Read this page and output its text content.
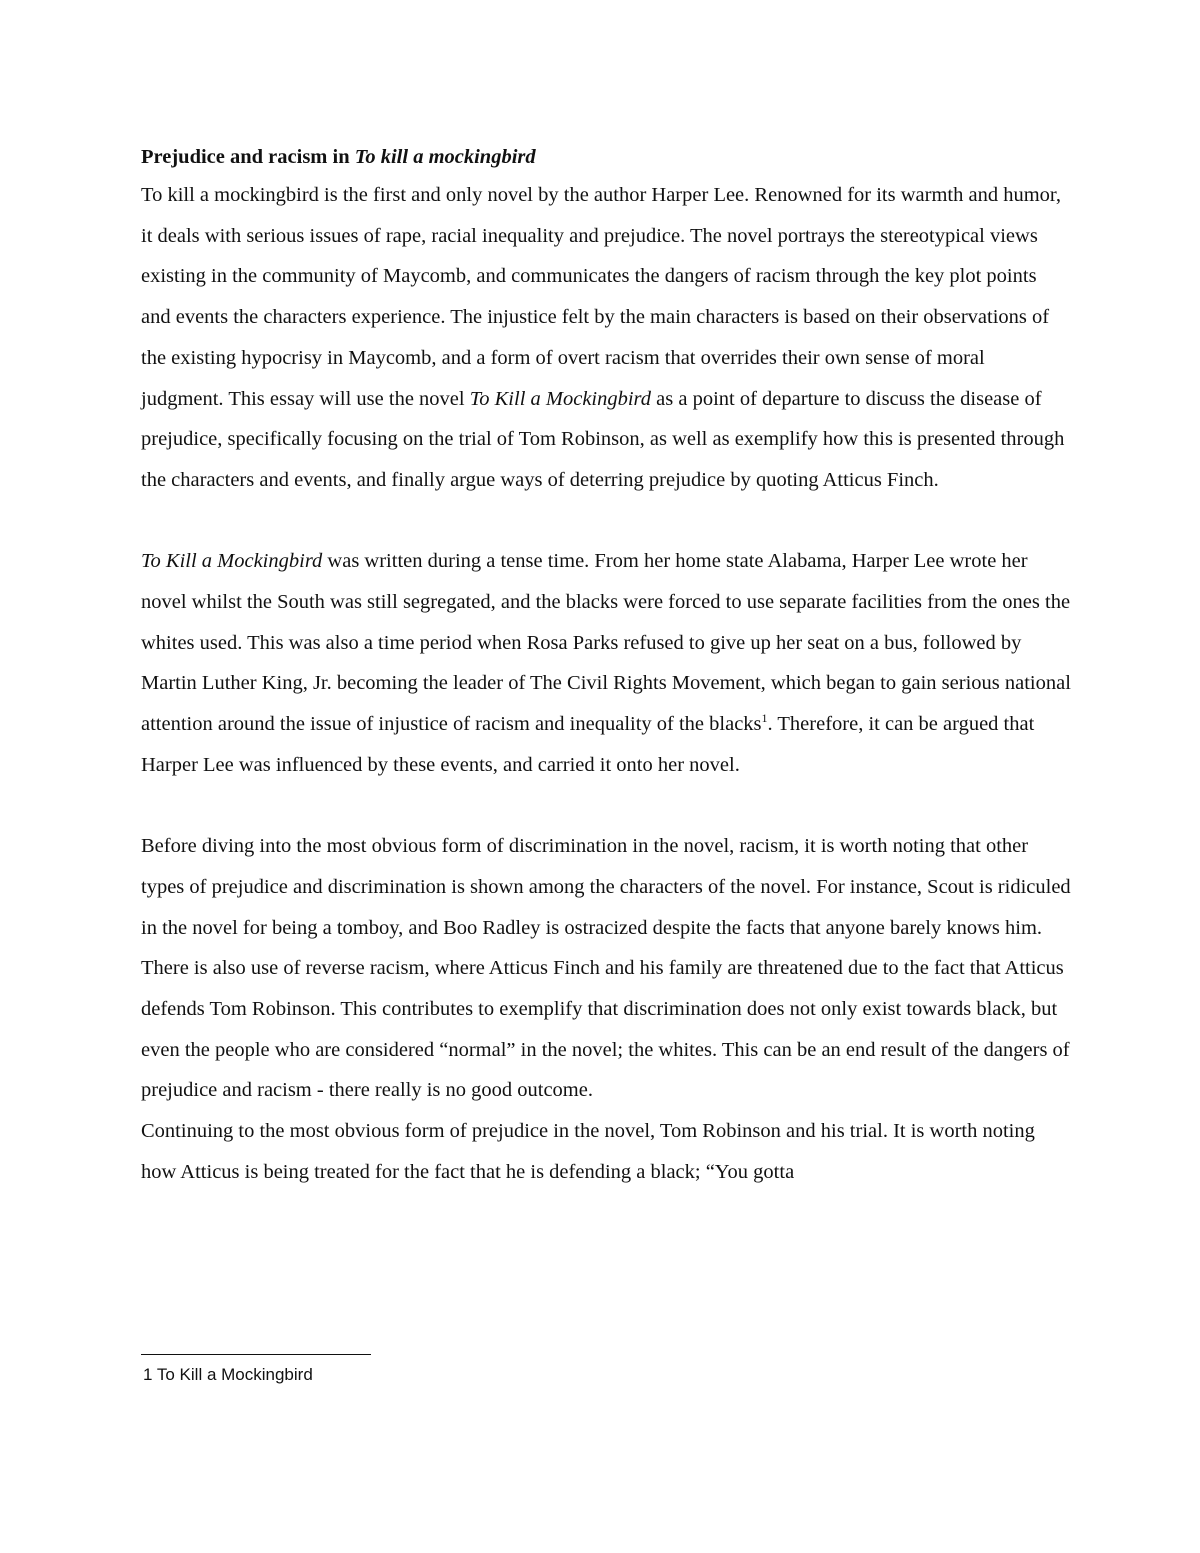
Prejudice and racism in To kill a mockingbird

To kill a mockingbird is the first and only novel by the author Harper Lee. Renowned for its warmth and humor, it deals with serious issues of rape, racial inequality and prejudice. The novel portrays the stereotypical views existing in the community of Maycomb, and communicates the dangers of racism through the key plot points and events the characters experience. The injustice felt by the main characters is based on their observations of the existing hypocrisy in Maycomb, and a form of overt racism that overrides their own sense of moral judgment. This essay will use the novel To Kill a Mockingbird as a point of departure to discuss the disease of prejudice, specifically focusing on the trial of Tom Robinson, as well as exemplify how this is presented through the characters and events, and finally argue ways of deterring prejudice by quoting Atticus Finch.

To Kill a Mockingbird was written during a tense time. From her home state Alabama, Harper Lee wrote her novel whilst the South was still segregated, and the blacks were forced to use separate facilities from the ones the whites used. This was also a time period when Rosa Parks refused to give up her seat on a bus, followed by Martin Luther King, Jr. becoming the leader of The Civil Rights Movement, which began to gain serious national attention around the issue of injustice of racism and inequality of the blacks$^1$. Therefore, it can be argued that Harper Lee was influenced by these events, and carried it onto her novel.

Before diving into the most obvious form of discrimination in the novel, racism, it is worth noting that other types of prejudice and discrimination is shown among the characters of the novel. For instance, Scout is ridiculed in the novel for being a tomboy, and Boo Radley is ostracized despite the facts that anyone barely knows him. There is also use of reverse racism, where Atticus Finch and his family are threatened due to the fact that Atticus defends Tom Robinson. This contributes to exemplify that discrimination does not only exist towards black, but even the people who are considered “normal” in the novel; the whites. This can be an end result of the dangers of prejudice and racism - there really is no good outcome.

Continuing to the most obvious form of prejudice in the novel, Tom Robinson and his trial. It is worth noting how Atticus is being treated for the fact that he is defending a black; “You gotta

1 To Kill a Mockingbird
